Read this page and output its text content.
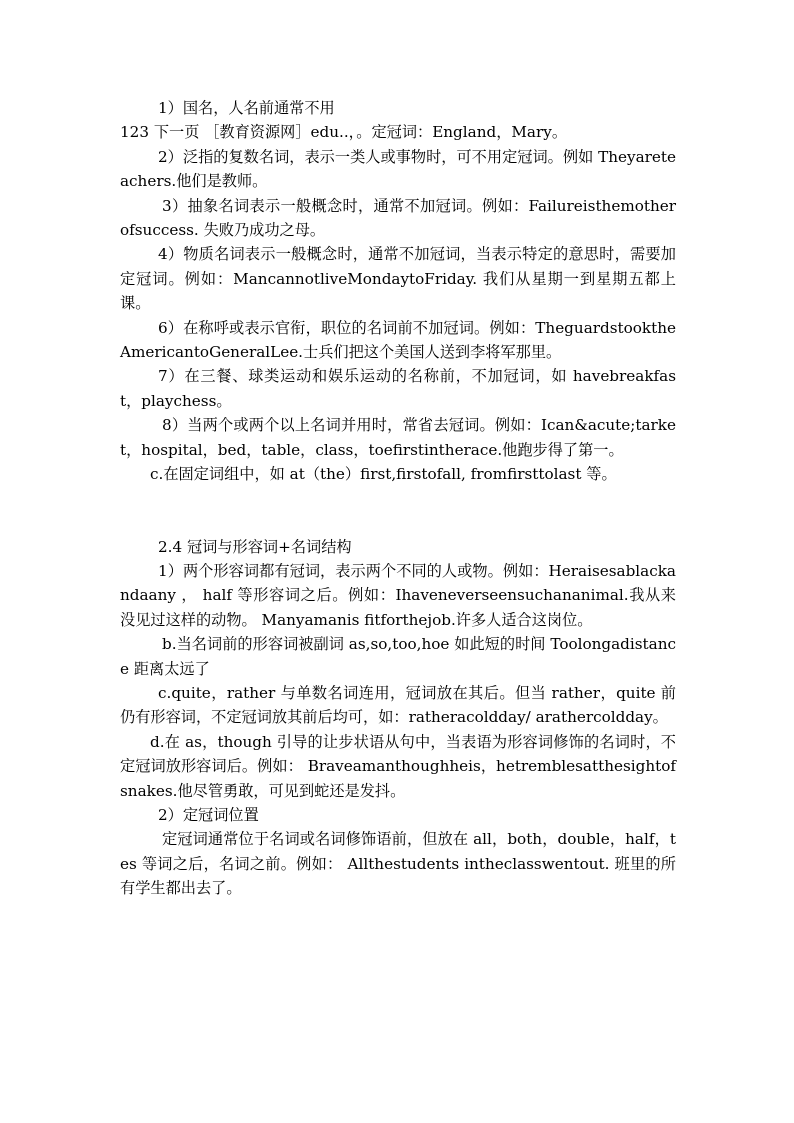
1）国名，人名前通常不用

123 下一页 ［教育资源网］edu..，。定冠词：England，Mary。

2）泛指的复数名词，表示一类人或事物时，可不用定冠词。例如 Theyareteachers.他们是教师。

3）抽象名词表示一般概念时，通常不加冠词。例如：Failureisthemotherofsuccess. 失败乃成功之母。

4）物质名词表示一般概念时，通常不加冠词，当表示特定的意思时，需要加定冠词。例如：MancannotliveMondaytoFriday. 我们从星期一到星期五都上课。

6）在称呼或表示官衔，职位的名词前不加冠词。例如：TheguardstooktheAmericantoGeneralLee.士兵们把这个美国人送到李将军那里。

7）在三餐、球类运动和娱乐运动的名称前，不加冠词，如 havebreakfast，playchess。

8）当两个或两个以上名词并用时，常省去冠词。例如：Ican&acute;tarket，hospital，bed，table，class，toefirstintherace.他跑步得了第一。

c.在固定词组中，如 at（the）first,firstofall, fromfirsttolast 等。

2.4 冠词与形容词+名词结构

1）两个形容词都有冠词，表示两个不同的人或物。例如：Heraisesablackandaany ， half 等形容词之后。例如：Ihaveneverseensuchananimal.我从来没见过这样的动物。 Manyamanis fitforthejob.许多人适合这岗位。

b.当名词前的形容词被副词 as,so,too,hoe 如此短的时间 Toolongadistance 距离太远了

c.quite，rather 与单数名词连用，冠词放在其后。但当 rather，quite 前仍有形容词，不定冠词放其前后均可，如：ratheracoldday/ arathercoldday。

d.在 as，though 引导的让步状语从句中，当表语为形容词修饰的名词时，不定冠词放形容词后。例如： Braveamanthoughheis，hetremblesatthesightofsnakes.他尽管勇敢，可见到蛇还是发抖。

2）定冠词位置

定冠词通常位于名词或名词修饰语前，但放在 all，both，double，half，tes 等词之后，名词之前。例如： Allthestudents intheclasswentout. 班里的所有学生都出去了。
